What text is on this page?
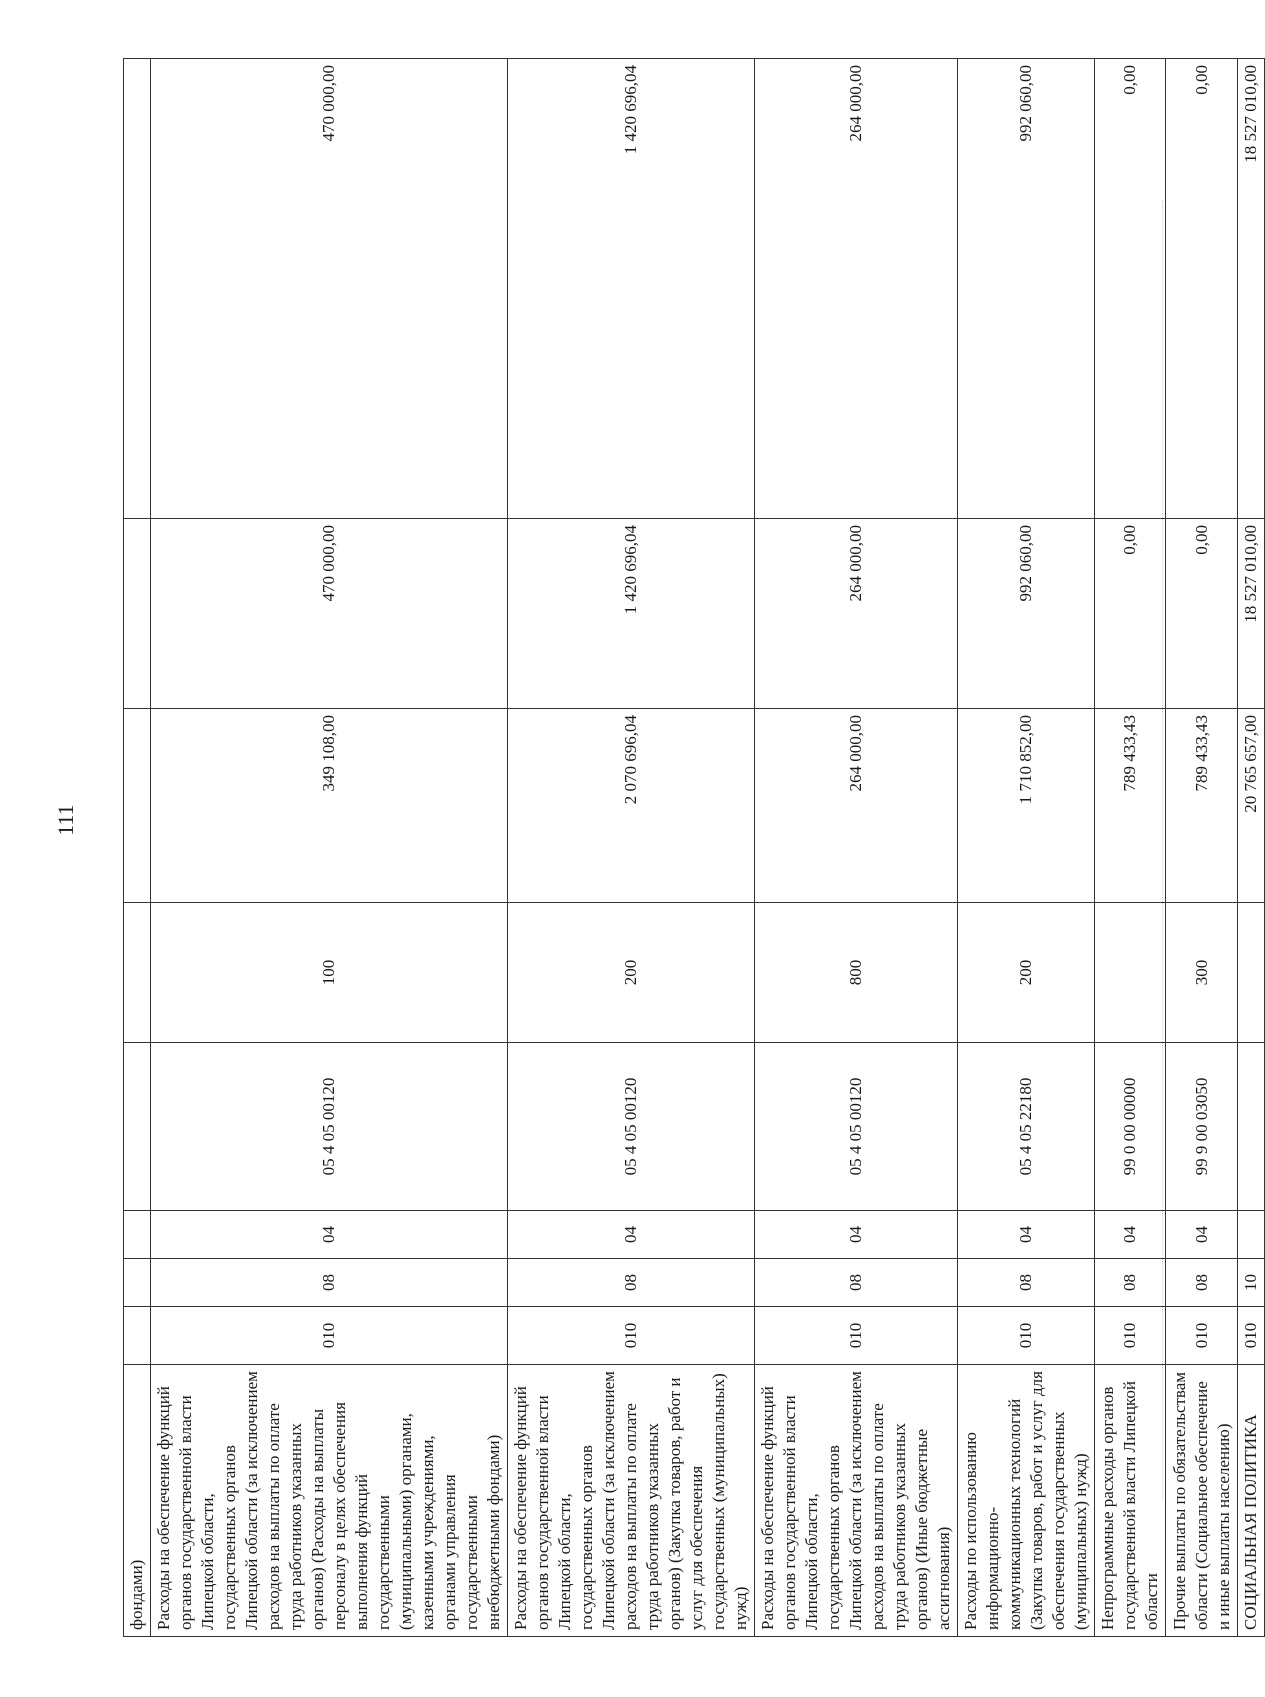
111
фондами)								
Расходы на обеспечение функций органов государственной власти Липецкой области, государственных органов Липецкой области (за исключением расходов на выплаты по оплате труда работников указанных органов) (Расходы на выплаты персоналу в целях обеспечения выполнения функций государственными (муниципальными) органами, казенными учреждениями, органами управления государственными внебюджетными фондами)	010	08	04	05 4 05 00120	100	349 108,00	470 000,00	470 000,00
Расходы на обеспечение функций органов государственной власти Липецкой области, государственных органов Липецкой области (за исключением расходов на выплаты по оплате труда работников указанных органов) (Закупка товаров, работ и услуг для обеспечения государственных (муниципальных) нужд)	010	08	04	05 4 05 00120	200	2 070 696,04	1 420 696,04	1 420 696,04
Расходы на обеспечение функций органов государственной власти Липецкой области, государственных органов Липецкой области (за исключением расходов на выплаты по оплате труда работников указанных органов) (Иные бюджетные ассигнования)	010	08	04	05 4 05 00120	800	264 000,00	264 000,00	264 000,00
Расходы по использованию информационно-коммуникационных технологий (Закупка товаров, работ и услуг для обеспечения государственных (муниципальных) нужд)	010	08	04	05 4 05 22180	200	1 710 852,00	992 060,00	992 060,00
Непрограммные расходы органов государственной власти Липецкой области	010	08	04	99 0 00 00000		789 433,43	0,00	0,00
Прочие выплаты по обязательствам области (Социальное обеспечение и иные выплаты населению)	010	08	04	99 9 00 03050	300	789 433,43	0,00	0,00
СОЦИАЛЬНАЯ ПОЛИТИКА	010	10				20 765 657,00	18 527 010,00	18 527 010,00
